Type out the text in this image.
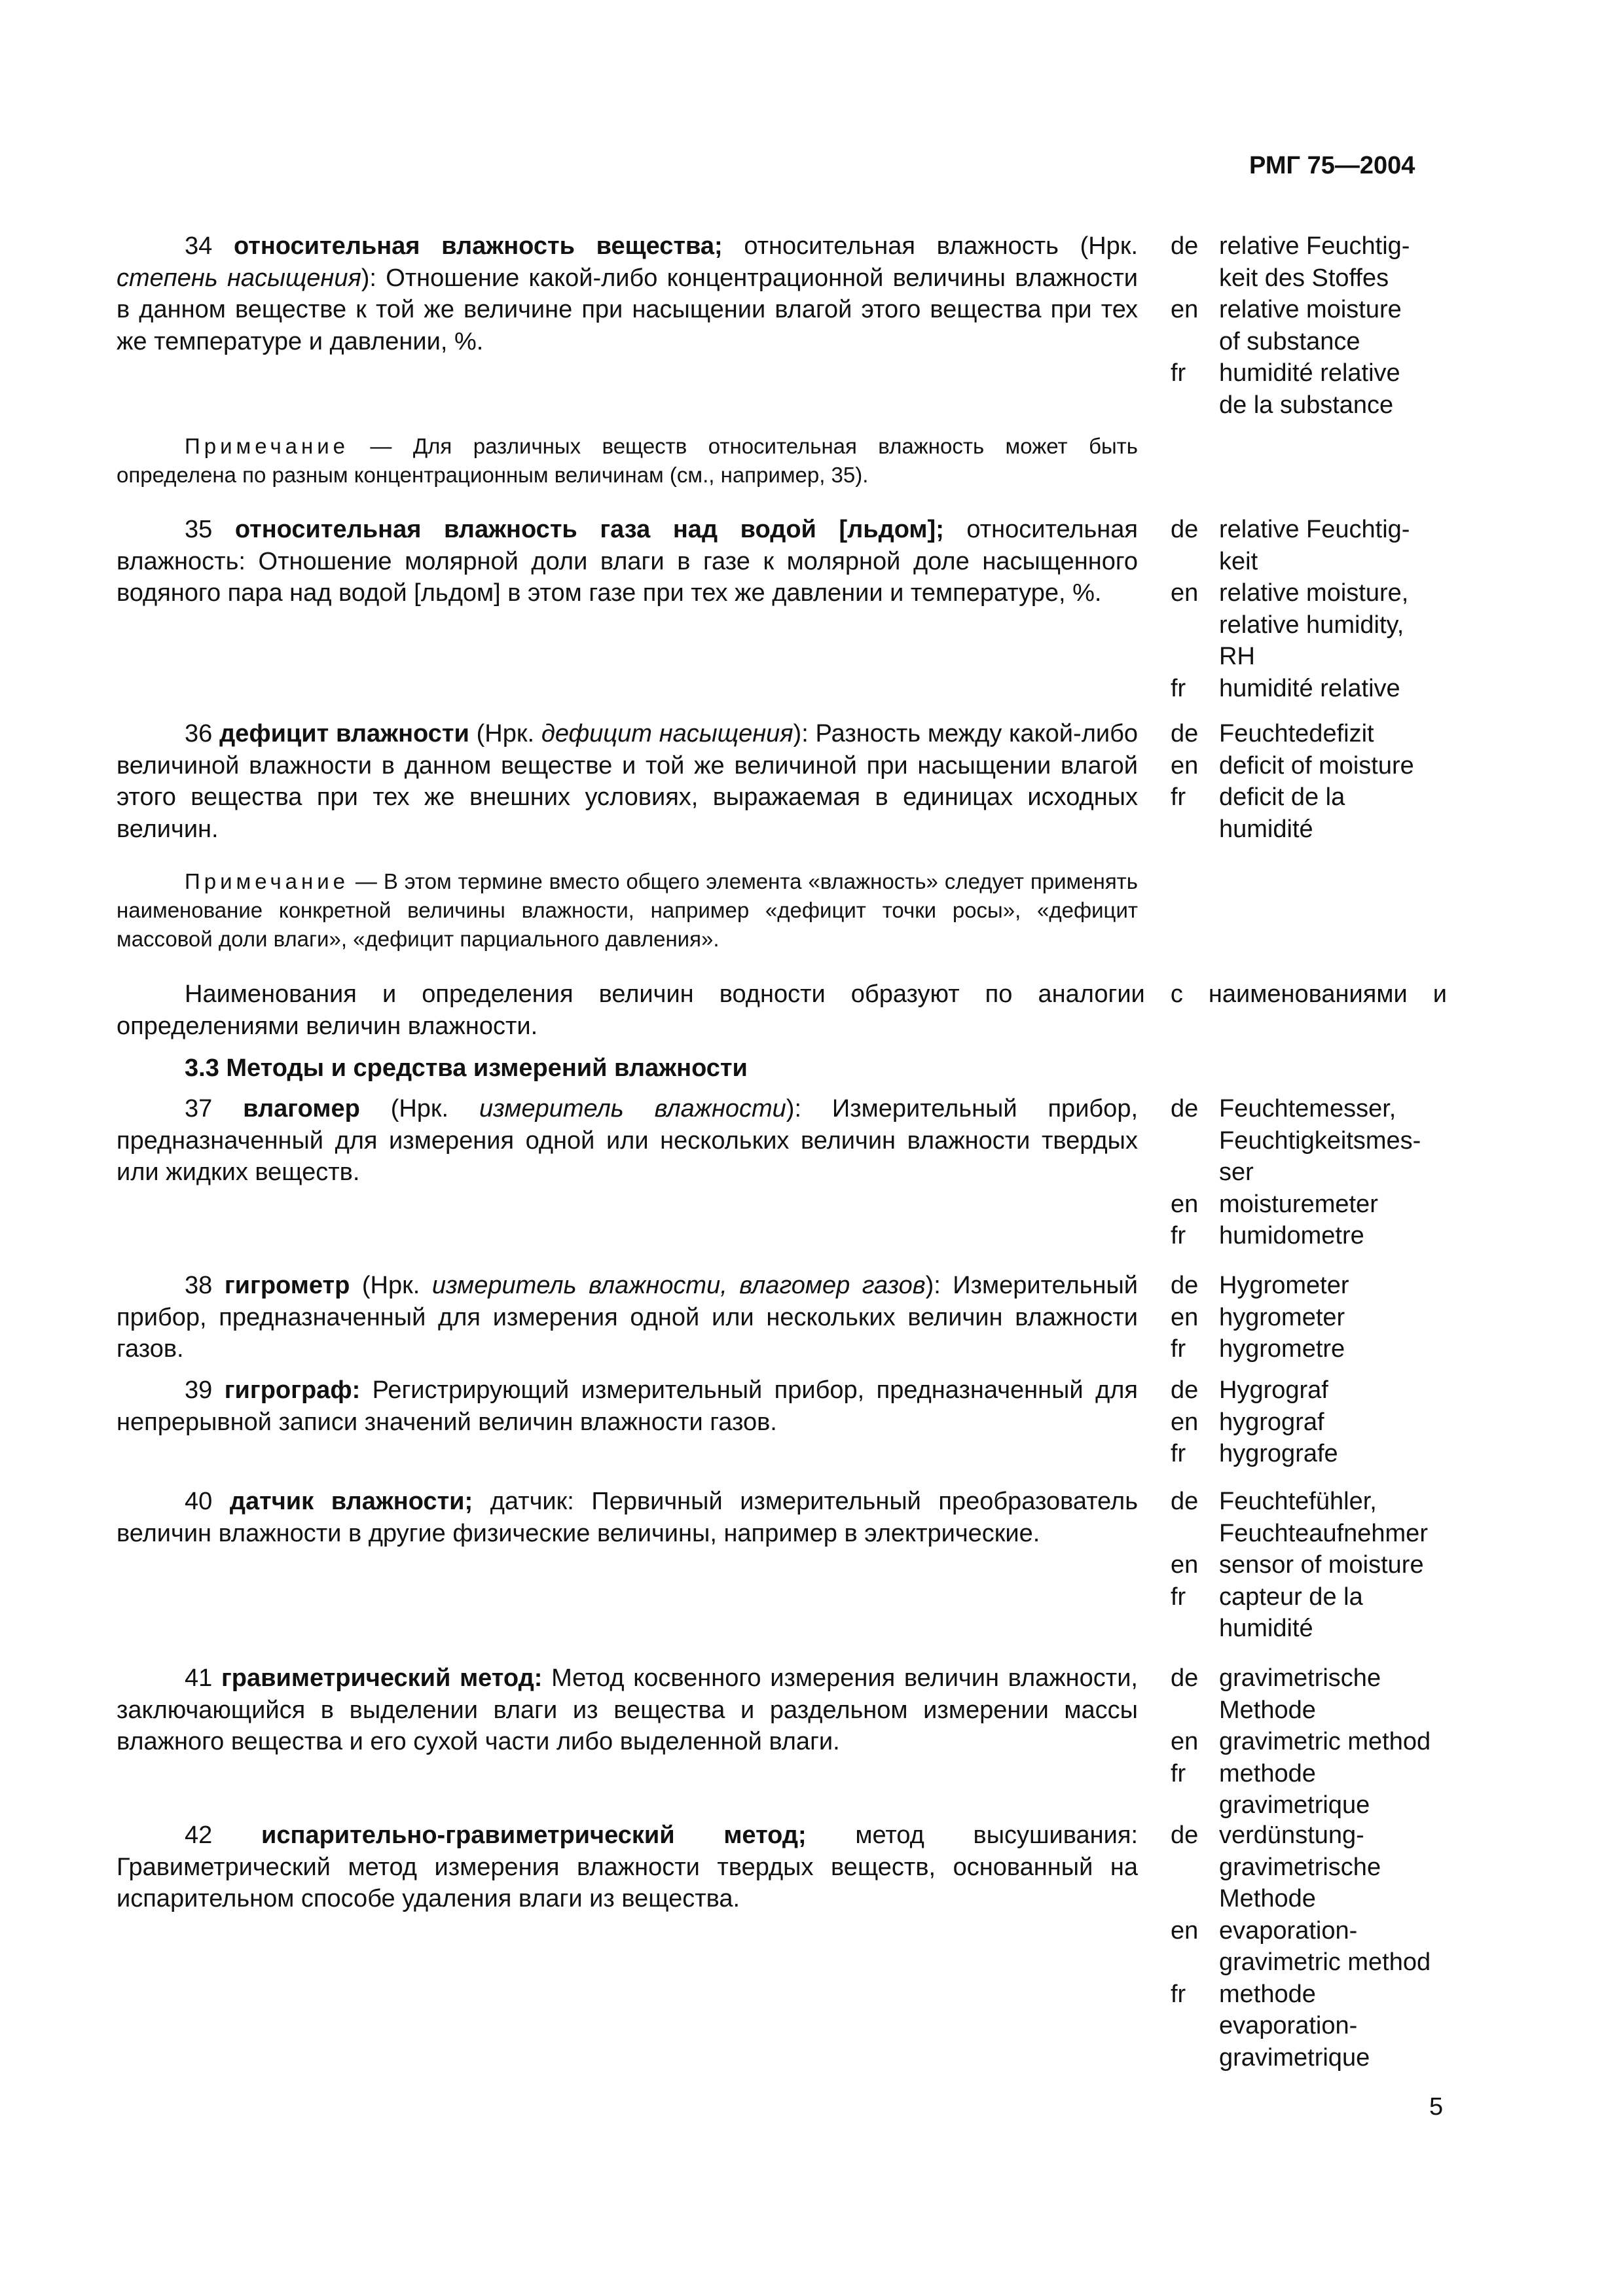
РМГ 75—2004
34 относительная влажность вещества; относительная влажность (Нрк. степень насыщения): Отношение какой-либо концентрационной величины влажности в данном веществе к той же величине при насыщении влагой этого вещества при тех же температуре и давлении, %.
de relative Feuchtig-
keit des Stoffes
en relative moisture
of substance
fr	humidité relative
de la substance
Примечание — Для различных веществ относительная влажность может быть определена по разным концентрационным величинам (см., например, 35).
35 относительная влажность газа над водой [льдом]; относительная влажность: Отношение молярной доли влаги в газе к молярной доле насыщенного водяного пара над водой [льдом] в этом газе при тех же давлении и температуре, %.
de relative Feuchtig-
keit
en relative moisture,
relative humidity,
RH
fr	humidité relative
36 дефицит влажности (Нрк. дефицит насыщения): Разность между какой-либо величиной влажности в данном веществе и той же величиной при насыщении влагой этого вещества при тех же внешних условиях, выражаемая в единицах исходных величин.
de Feuchtedefizit
en deficit of moisture
fr	deficit de la
humidité
Примечание — В этом термине вместо общего элемента «влажность» следует применять наименование конкретной величины влажности, например «дефицит точки росы», «дефицит массовой доли влаги», «дефицит парциального давления».
Наименования и определения величин водности образуют по аналогии с наименованиями и определениями величин влажности.
3.3 Методы и средства измерений влажности
37 влагомер (Нрк. измеритель влажности): Измерительный прибор, предназначенный для измерения одной или нескольких величин влажности твердых или жидких веществ.
de Feuchtemesser,
Feuchtigkeitsmes-
ser
en moisturemeter
fr	humidometre
38 гигрометр (Нрк. измеритель влажности, влагомер газов): Измерительный прибор, предназначенный для измерения одной или нескольких величин влажности газов.
de Hygrometer
en hygrometer
fr	hygrometre
39 гигрограф: Регистрирующий измерительный прибор, предназначенный для непрерывной записи значений величин влажности газов.
de Hygrograf
en hygrograf
fr	hygrografe
40 датчик влажности; датчик: Первичный измерительный преобразователь величин влажности в другие физические величины, например в электрические.
de Feuchtefühler,
Feuchteaufnehmer
en sensor of moisture
fr	capteur de la
humidité
41 гравиметрический метод: Метод косвенного измерения величин влажности, заключающийся в выделении влаги из вещества и раздельном измерении массы влажного вещества и его сухой части либо выделенной влаги.
de gravimetrische
Methode
en gravimetric method
fr	methode
gravimetrique
42 испарительно-гравиметрический метод; метод высушивания: Гравиметрический метод измерения влажности твердых веществ, основанный на испарительном способе удаления влаги из вещества.
de verdünstung-
gravimetrische
Methode
en evaporation-
gravimetric method
fr	methode
evaporation-
gravimetrique
5
